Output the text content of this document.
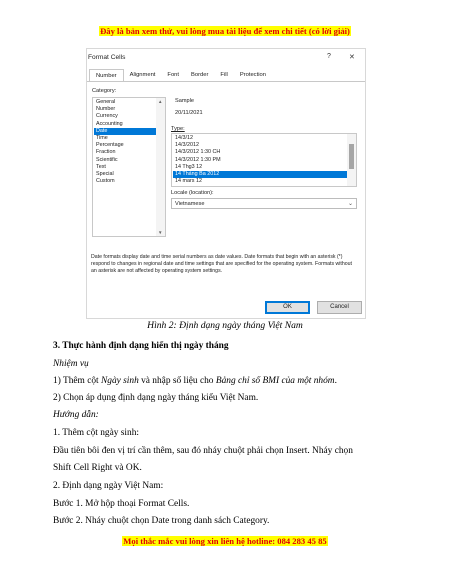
Đây là bản xem thử, vui lòng mua tài liệu để xem chi tiết (có lời giải)
Format Cells	?	✕
Number	Alignment	Font	Border	Fill	Protection
Category:
General
Number
Currency
Accounting
Date
Time
Percentage
Fraction
Scientific
Text
Special
Custom
▲
▼
Sample
20/11/2021
Type:
14/3/12
14/3/2012
14/3/2012 1:30 CH
14/3/2012 1:30 PM
14 Thg3 12
14 Tháng Ba 2012
14 mars 12
Locale (location):
Vietnamese	⌄
Date formats display date and time serial numbers as date values. Date formats that begin with an asterisk (*) respond to changes in regional date and time settings that are specified for the operating system. Formats without an asterisk are not affected by operating system settings.
OK	Cancel
Hình 2: Định dạng ngày tháng Việt Nam
3. Thực hành định dạng hiển thị ngày tháng
Nhiệm vụ
1) Thêm cột Ngày sinh và nhập số liệu cho Bảng chỉ số BMI của một nhóm.
2) Chọn áp dụng định dạng ngày tháng kiểu Việt Nam.
Hướng dẫn:
1. Thêm cột ngày sinh:
Đầu tiên bôi đen vị trí cần thêm, sau đó nháy chuột phải chọn Insert. Nháy chọn
Shift Cell Right và OK.
2. Định dạng ngày Việt Nam:
Bước 1. Mở hộp thoại Format Cells.
Bước 2. Nháy chuột chọn Date trong danh sách Category.
Mọi thắc mắc vui lòng xin liên hệ hotline: 084 283 45 85
